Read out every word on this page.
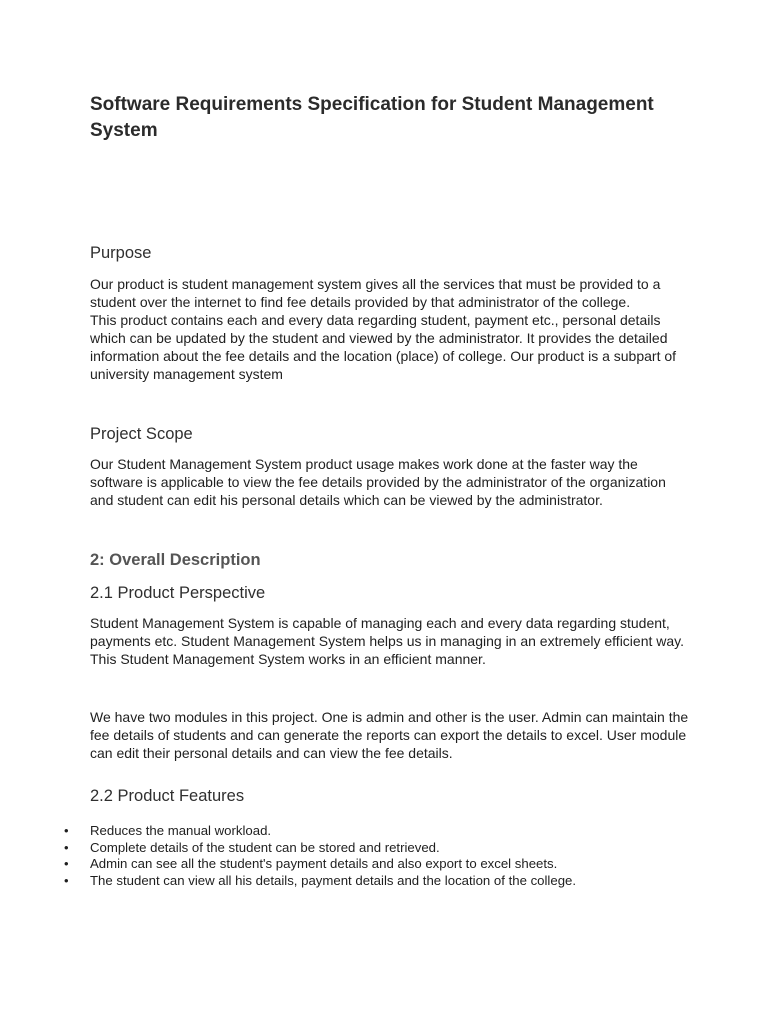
Software Requirements Specification for Student Management System
Purpose
Our product is student management system gives all the services that must be provided to a student over the internet to find fee details provided by that administrator of the college.
This product contains each and every data regarding student, payment etc., personal details which can be updated by the student and viewed by the administrator. It provides the detailed information about the fee details and the location (place) of college. Our product is a subpart of university management system
Project Scope

Our Student Management System product usage makes work done at the faster way the software is applicable to view the fee details provided by the administrator of the organization and student can edit his personal details which can be viewed by the administrator.

2: Overall Description
2.1 Product Perspective

Student Management System is capable of managing each and every data regarding student, payments etc. Student Management System helps us in managing in an extremely efficient way. This Student Management System works in an efficient manner.

We have two modules in this project. One is admin and other is the user. Admin can maintain the fee details of students and can generate the reports can export the details to excel. User module can edit their personal details and can view the fee details.

2.2 Product Features
• Reduces the manual workload.
• Complete details of the student can be stored and retrieved.
• Admin can see all the student's payment details and also export to excel sheets.
• The student can view all his details, payment details and the location of the college.
